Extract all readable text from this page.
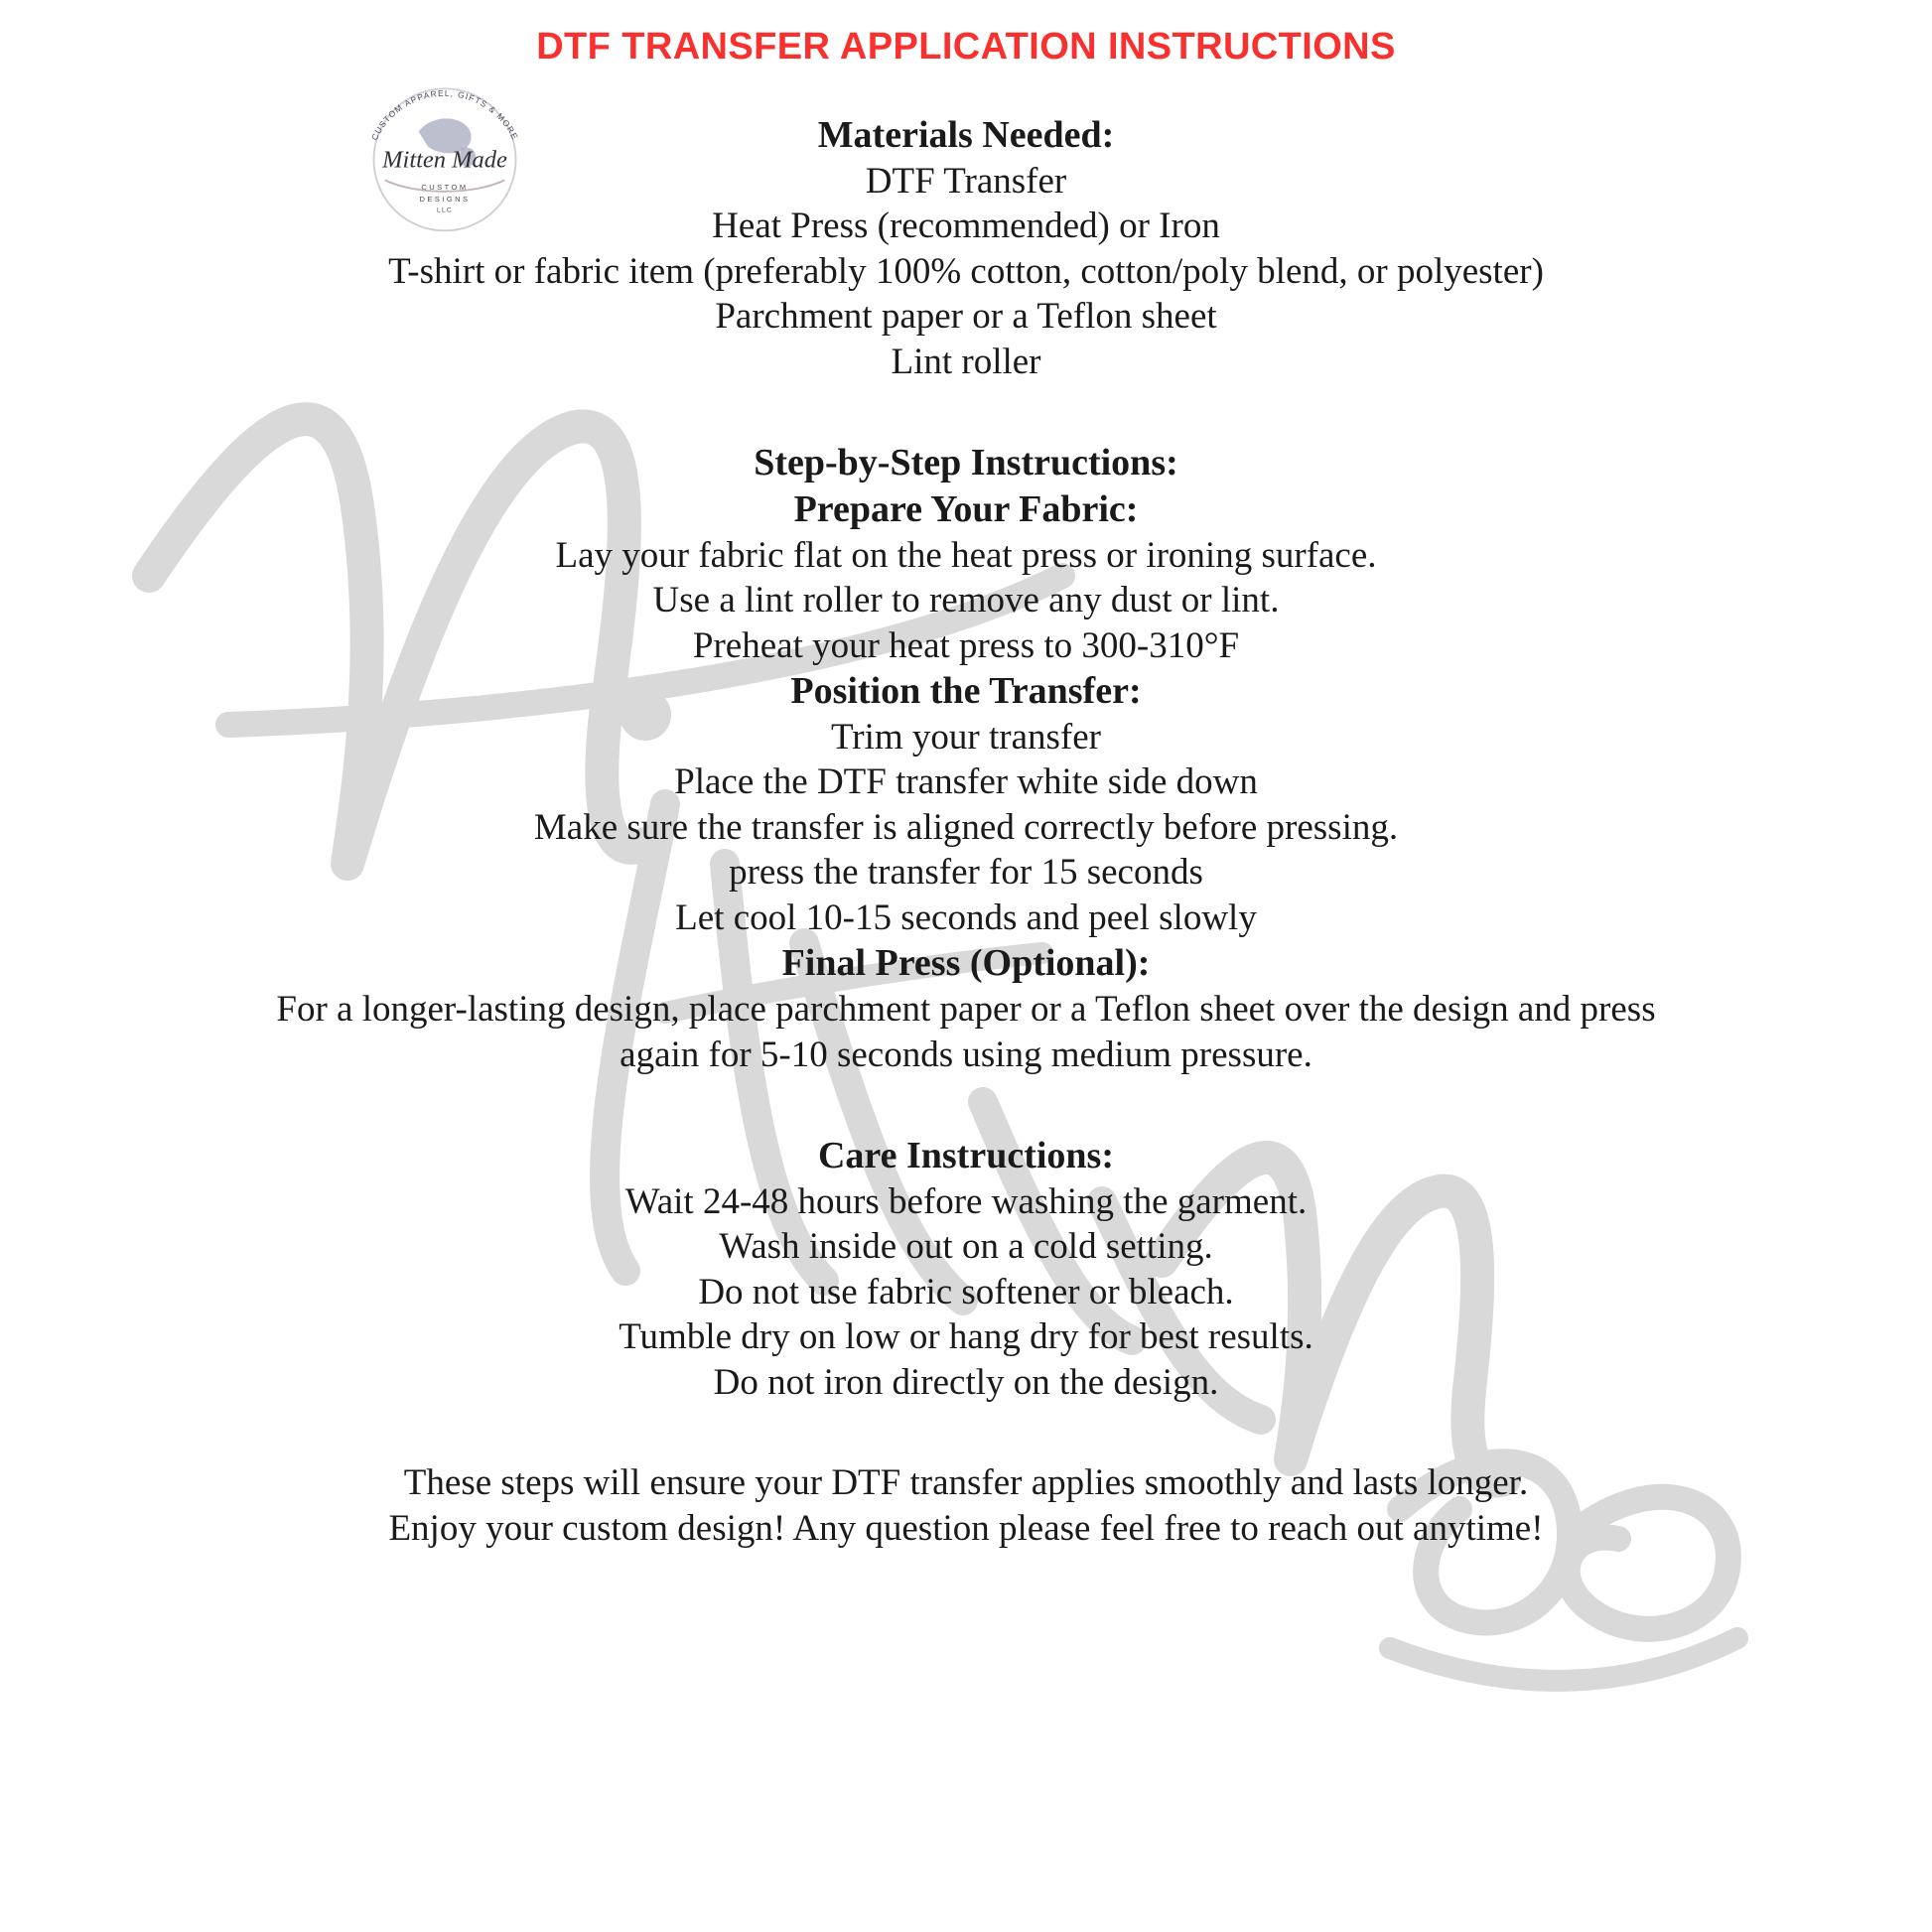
CUSTOM APPAREL, GIFTS & MORE
Mitten Made
CUSTOM
DESIGNS
LLC
DTF TRANSFER APPLICATION INSTRUCTIONS
Materials Needed:
DTF Transfer
Heat Press (recommended) or Iron
T-shirt or fabric item (preferably 100% cotton, cotton/poly blend, or polyester)
Parchment paper or a Teflon sheet
Lint roller
Step-by-Step Instructions:
Prepare Your Fabric:
Lay your fabric flat on the heat press or ironing surface.
Use a lint roller to remove any dust or lint.
Preheat your heat press to 300-310°F
Position the Transfer:
Trim your transfer
Place the DTF transfer white side down
Make sure the transfer is aligned correctly before pressing.
press the transfer for 15 seconds
Let cool 10-15 seconds and peel slowly
Final Press (Optional):
For a longer-lasting design, place parchment paper or a Teflon sheet over the design and press again for 5-10 seconds using medium pressure.
Care Instructions:
Wait 24-48 hours before washing the garment.
Wash inside out on a cold setting.
Do not use fabric softener or bleach.
Tumble dry on low or hang dry for best results.
Do not iron directly on the design.
These steps will ensure your DTF transfer applies smoothly and lasts longer.
Enjoy your custom design! Any question please feel free to reach out anytime!
